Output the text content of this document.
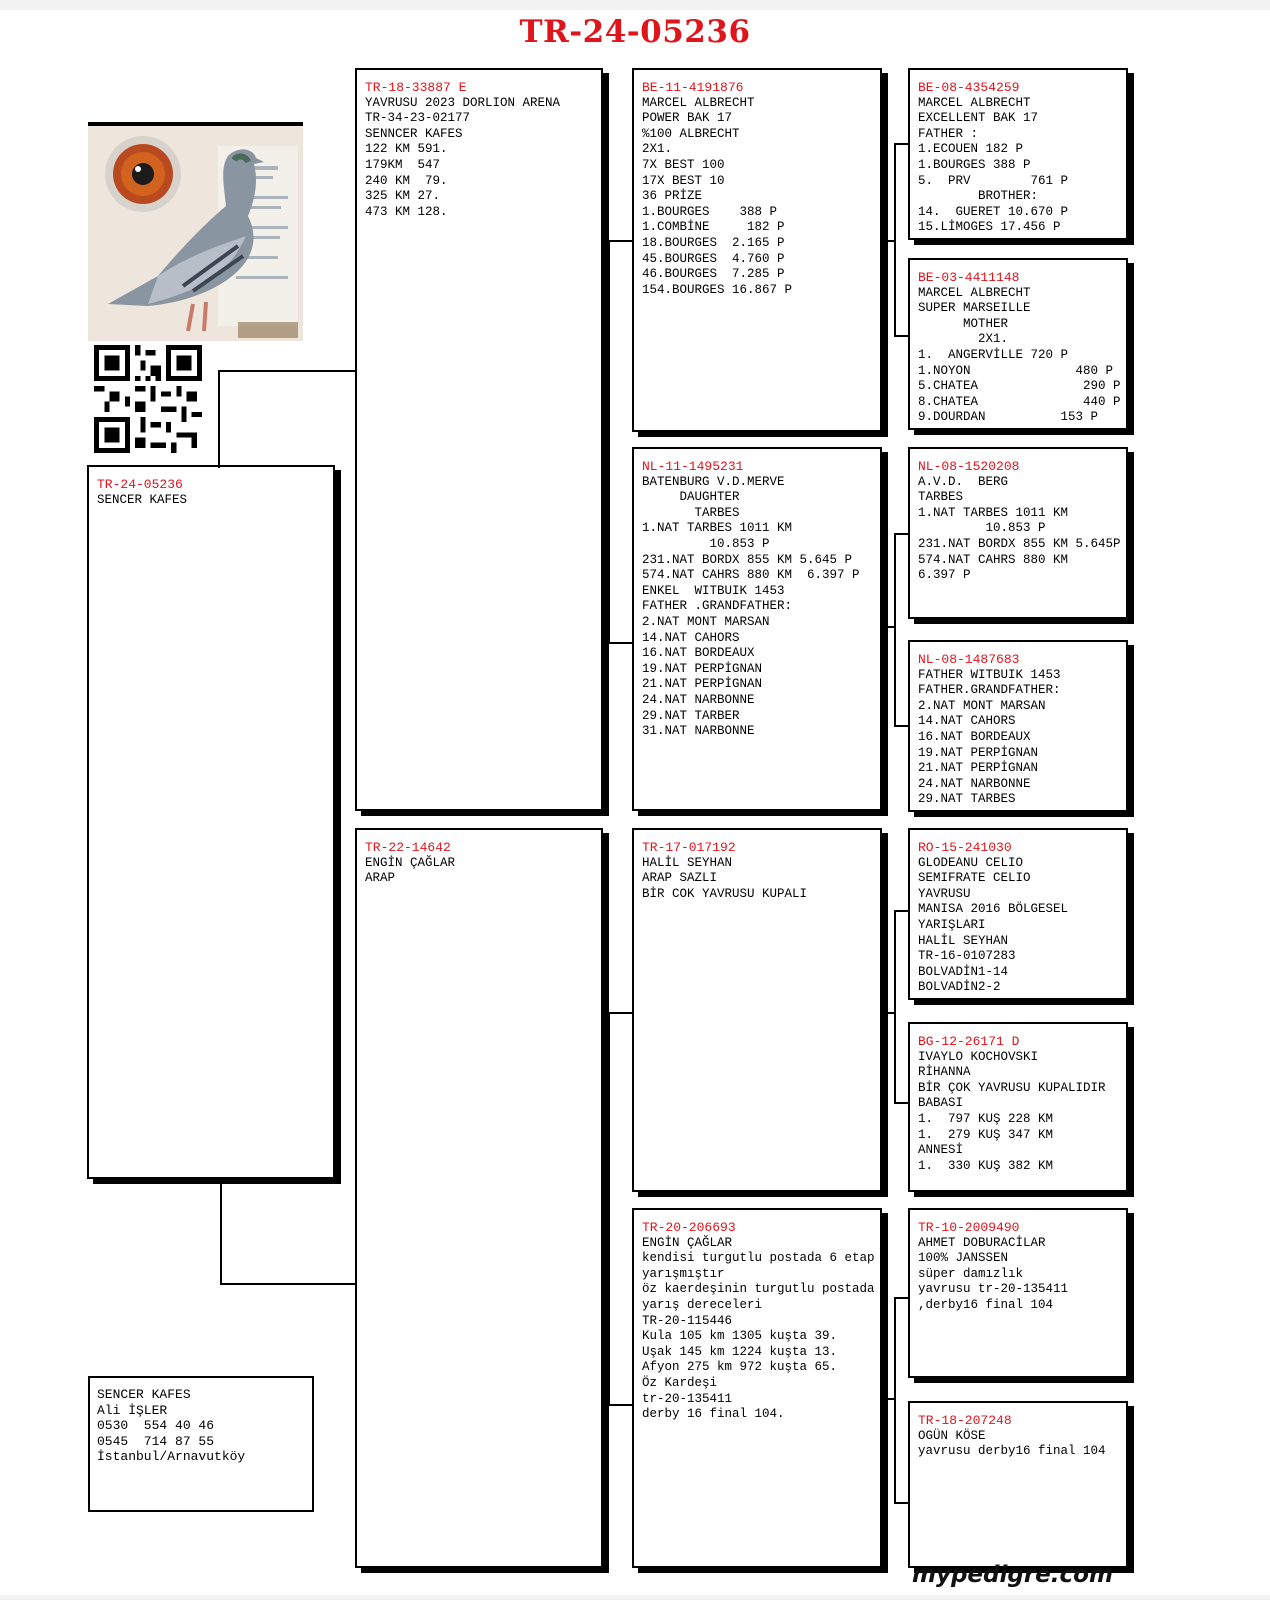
TR-24-05236
TR-24-05236
SENCER KAFES
SENCER KAFES
Ali İŞLER
0530  554 40 46
0545  714 87 55
İstanbul/Arnavutköy
TR-18-33887 E
YAVRUSU 2023 DORLION ARENA
TR-34-23-02177
SENNCER KAFES
122 KM 591.
179KM  547
240 KM  79.
325 KM 27.
473 KM 128.
TR-22-14642
ENGİN ÇAĞLAR
ARAP
BE-11-4191876
MARCEL ALBRECHT
POWER BAK 17
%100 ALBRECHT
2X1.
7X BEST 100
17X BEST 10
36 PRİZE
1.BOURGES    388 P
1.COMBİNE     182 P
18.BOURGES  2.165 P
45.BOURGES  4.760 P
46.BOURGES  7.285 P
154.BOURGES 16.867 P
NL-11-1495231
BATENBURG V.D.MERVE
DAUGHTER
TARBES
1.NAT TARBES 1011 KM
10.853 P
231.NAT BORDX 855 KM 5.645 P
574.NAT CAHRS 880 KM  6.397 P
ENKEL  WITBUIK 1453
FATHER .GRANDFATHER:
2.NAT MONT MARSAN
14.NAT CAHORS
16.NAT BORDEAUX
19.NAT PERPİGNAN
21.NAT PERPİGNAN
24.NAT NARBONNE
29.NAT TARBER
31.NAT NARBONNE
TR-17-017192
HALİL SEYHAN
ARAP SAZLI
BİR COK YAVRUSU KUPALI
TR-20-206693
ENGİN ÇAĞLAR
kendisi turgutlu postada 6 etap
yarışmıştır
öz kaerdeşinin turgutlu postada
yarış dereceleri
TR-20-115446
Kula 105 km 1305 kuşta 39.
Uşak 145 km 1224 kuşta 13.
Afyon 275 km 972 kuşta 65.
Öz Kardeşi
tr-20-135411
derby 16 final 104.
BE-08-4354259
MARCEL ALBRECHT
EXCELLENT BAK 17
FATHER :
1.ECOUEN 182 P
1.BOURGES 388 P
5.  PRV        761 P
BROTHER:
14.  GUERET 10.670 P
15.LİMOGES 17.456 P
BE-03-4411148
MARCEL ALBRECHT
SUPER MARSEILLE
MOTHER
2X1.
1.  ANGERVİLLE 720 P
1.NOYON              480 P
5.CHATEA              290 P
8.CHATEA              440 P
9.DOURDAN          153 P
NL-08-1520208
A.V.D.  BERG
TARBES
1.NAT TARBES 1011 KM
10.853 P
231.NAT BORDX 855 KM 5.645P
574.NAT CAHRS 880 KM
6.397 P
NL-08-1487683
FATHER WITBUIK 1453
FATHER.GRANDFATHER:
2.NAT MONT MARSAN
14.NAT CAHORS
16.NAT BORDEAUX
19.NAT PERPİGNAN
21.NAT PERPİGNAN
24.NAT NARBONNE
29.NAT TARBES
RO-15-241030
GLODEANU CELIO
SEMIFRATE CELIO
YAVRUSU
MANISA 2016 BÖLGESEL
YARIŞLARI
HALİL SEYHAN
TR-16-0107283
BOLVADİN1-14
BOLVADİN2-2
BG-12-26171 D
IVAYLO KOCHOVSKI
RİHANNA
BİR ÇOK YAVRUSU KUPALIDIR
BABASI
1.  797 KUŞ 228 KM
1.  279 KUŞ 347 KM
ANNESİ
1.  330 KUŞ 382 KM
TR-10-2009490
AHMET DOBURACİLAR
100% JANSSEN
süper damızlık
yavrusu tr-20-135411
,derby16 final 104
TR-18-207248
OGÜN KÖSE
yavrusu derby16 final 104
mypedigre.com
